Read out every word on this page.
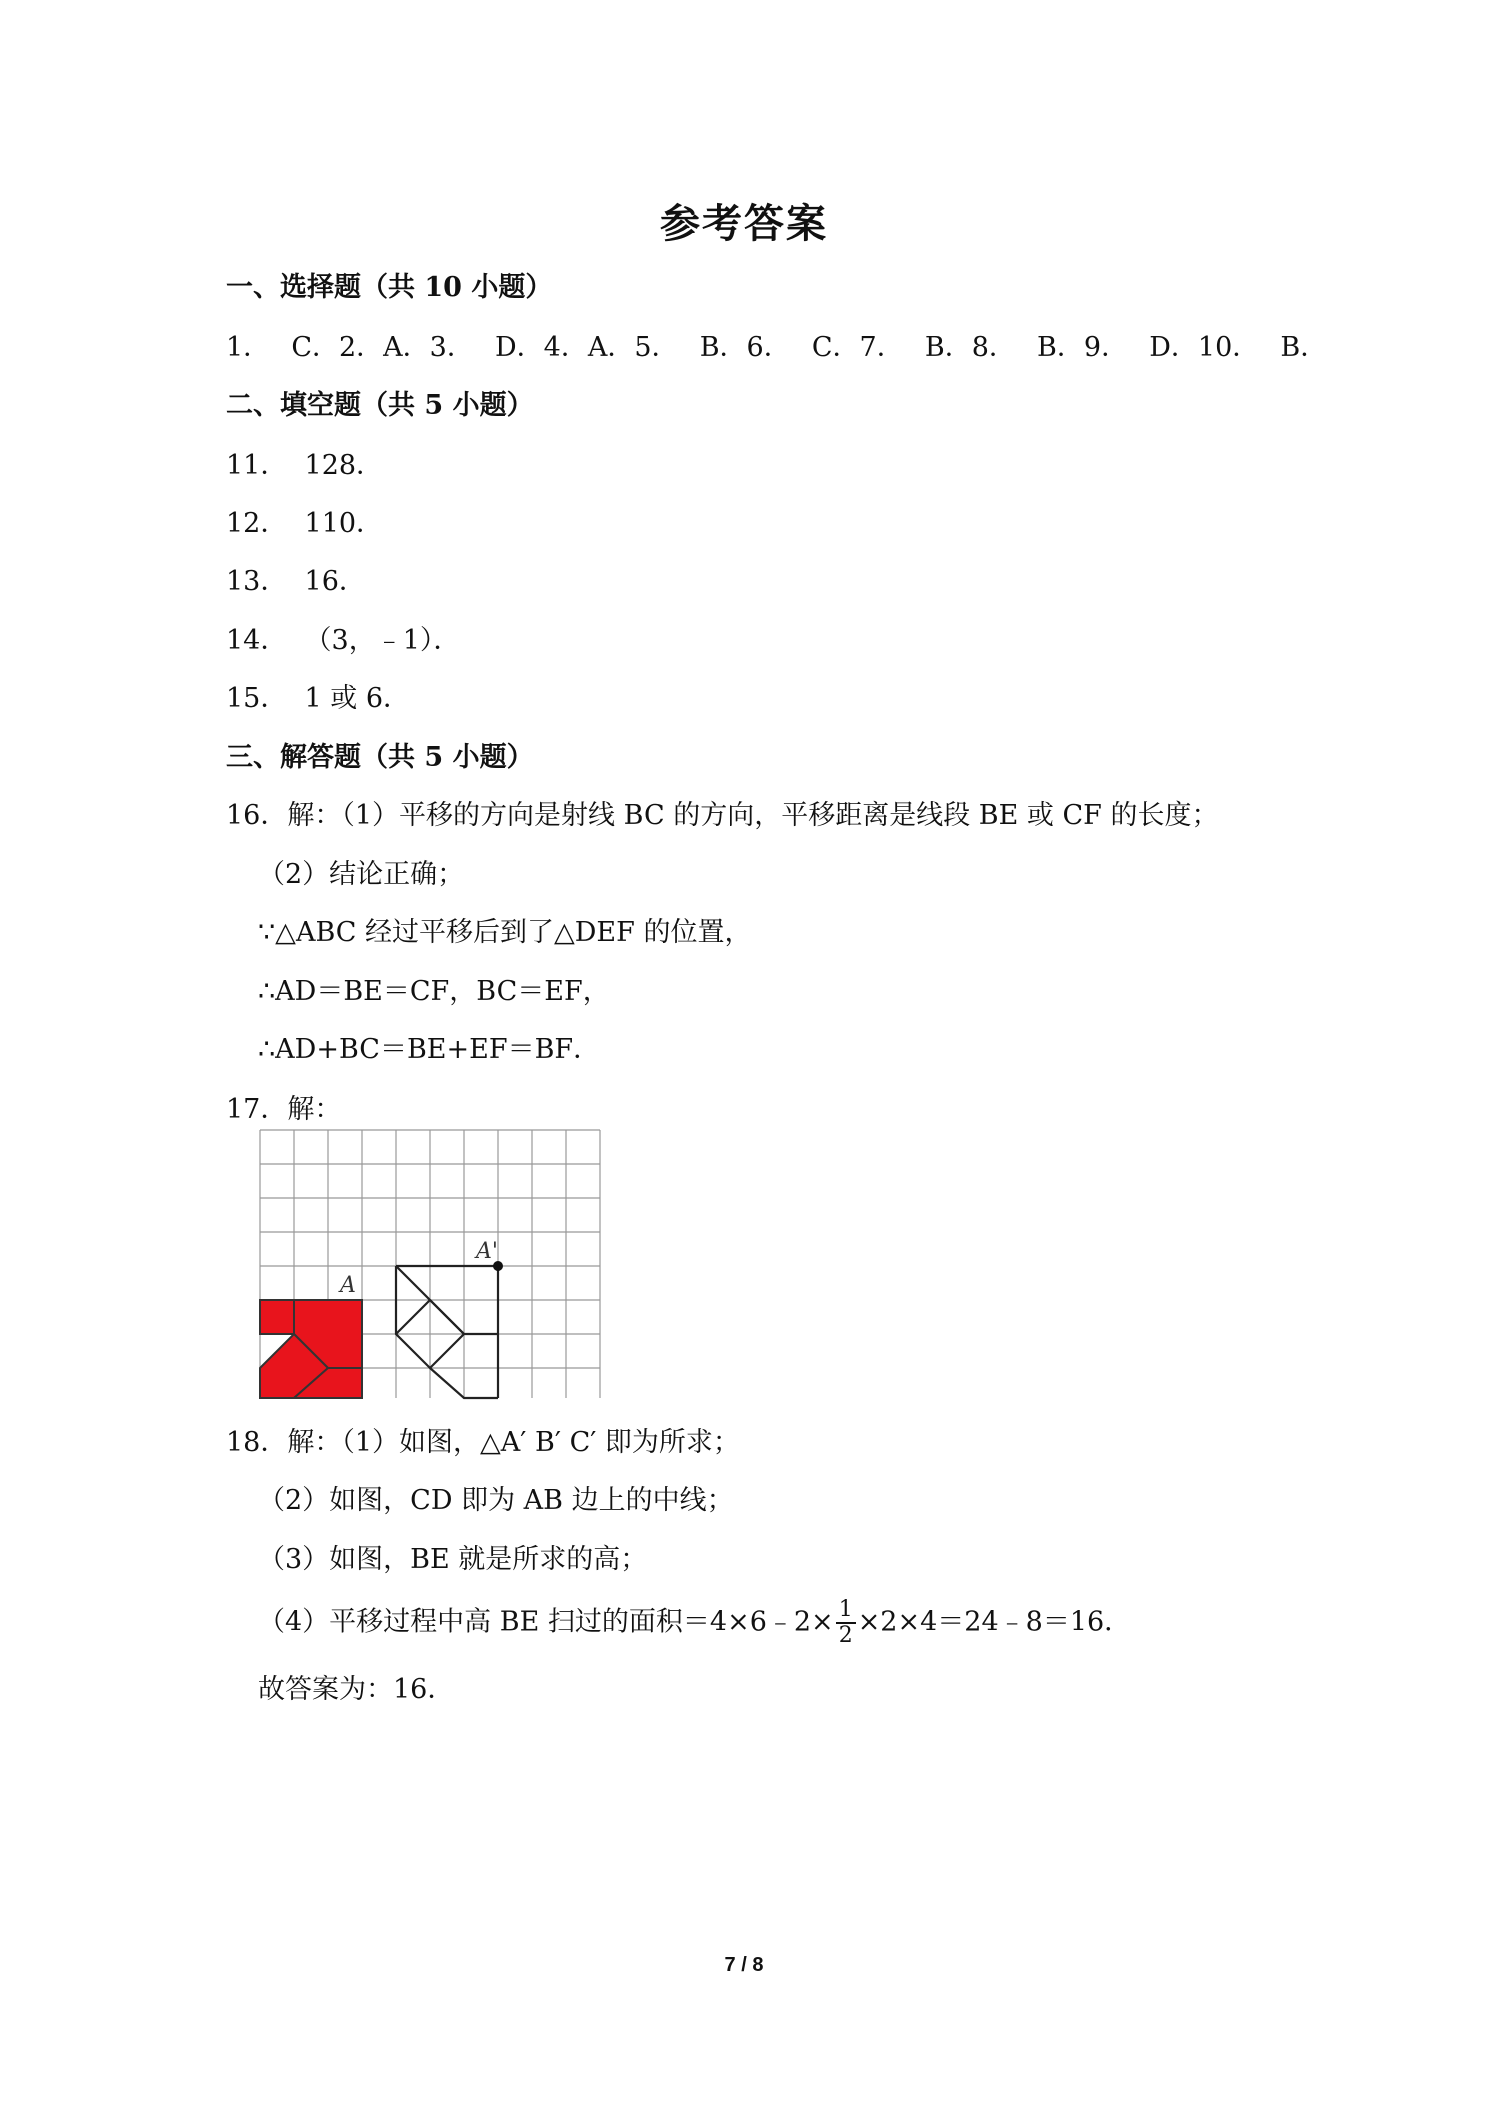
参考答案
一、选择题（共 10 小题）
1．  C．2．A．3．  D．4．A．5．  B．6．  C．7．  B．8．  B．9．  D．10．  B．
二、填空题（共 5 小题）
11．  128．
12．  110．
13．  16．
14．  （3，﹣1）．
15．  1 或 6．
三、解答题（共 5 小题）
16．解：（1）平移的方向是射线 BC 的方向，平移距离是线段 BE 或 CF 的长度；
（2）结论正确；
∵△ABC 经过平移后到了△DEF 的位置，
∴AD＝BE＝CF，BC＝EF，
∴AD+BC＝BE+EF＝BF．
17．解：
A
A'
18．解：（1）如图，△A′ B′ C′ 即为所求；
（2）如图，CD 即为 AB 边上的中线；
（3）如图，BE 就是所求的高；
（4）平移过程中高 BE 扫过的面积＝4×6﹣2× $\frac{1}{2}$ ×2×4＝24﹣8＝16．
故答案为：16．
7 / 8
